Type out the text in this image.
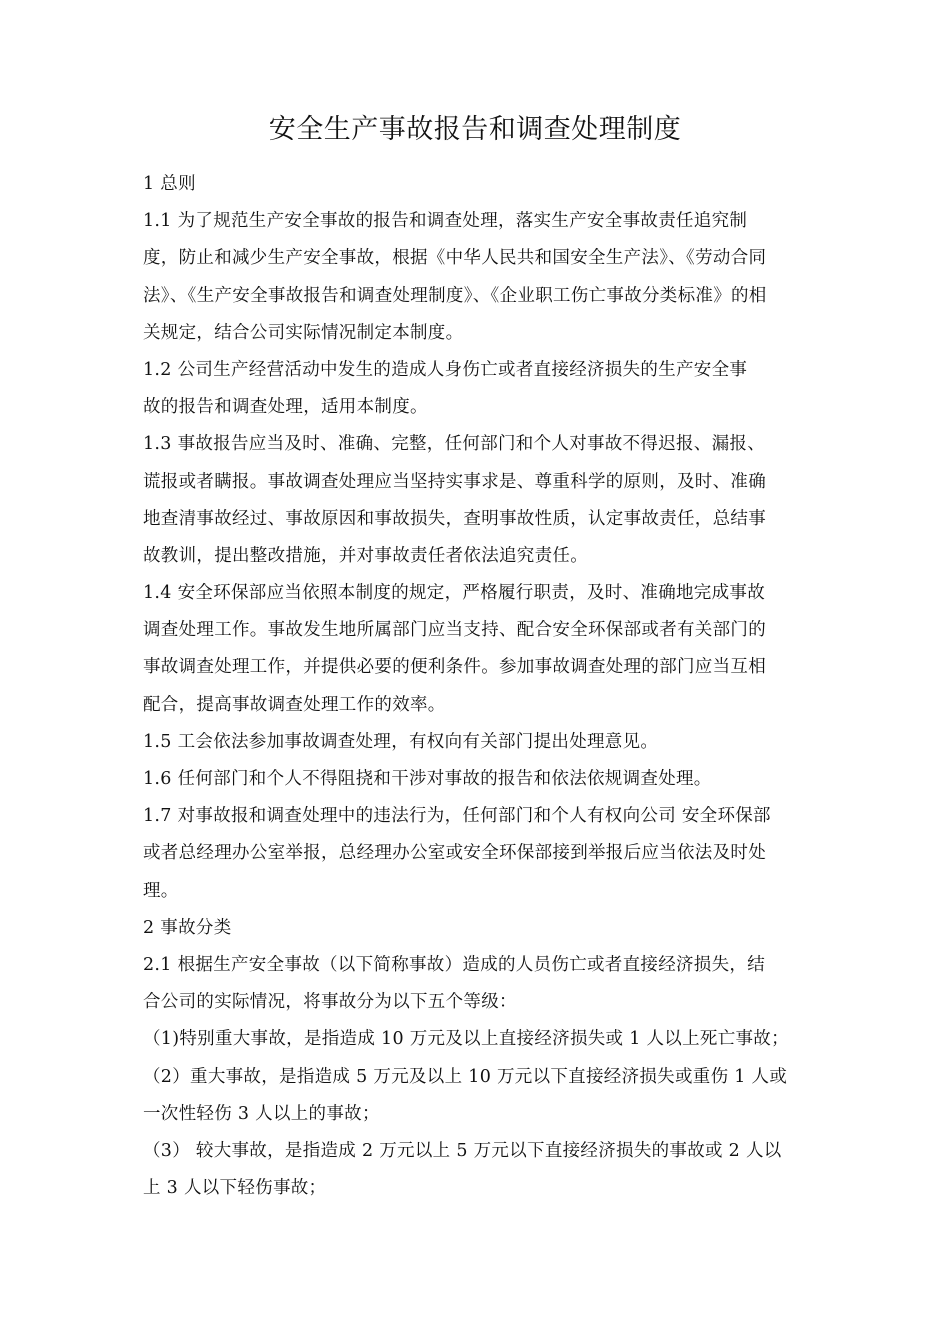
安全生产事故报告和调查处理制度
1 总则
1.1 为了规范生产安全事故的报告和调查处理，落实生产安全事故责任追究制
度，防止和减少生产安全事故，根据《中华人民共和国安全生产法》、《劳动合同
法》、《生产安全事故报告和调查处理制度》、《企业职工伤亡事故分类标准》的相
关规定，结合公司实际情况制定本制度。
1.2 公司生产经营活动中发生的造成人身伤亡或者直接经济损失的生产安全事
故的报告和调查处理，适用本制度。
1.3 事故报告应当及时、准确、完整，任何部门和个人对事故不得迟报、漏报、
谎报或者瞒报。事故调查处理应当坚持实事求是、尊重科学的原则，及时、准确
地查清事故经过、事故原因和事故损失，查明事故性质，认定事故责任，总结事
故教训，提出整改措施，并对事故责任者依法追究责任。
1.4 安全环保部应当依照本制度的规定，严格履行职责，及时、准确地完成事故
调查处理工作。事故发生地所属部门应当支持、配合安全环保部或者有关部门的
事故调查处理工作，并提供必要的便利条件。参加事故调查处理的部门应当互相
配合，提高事故调查处理工作的效率。
1.5 工会依法参加事故调查处理，有权向有关部门提出处理意见。
1.6 任何部门和个人不得阻挠和干涉对事故的报告和依法依规调查处理。
1.7 对事故报和调查处理中的违法行为，任何部门和个人有权向公司 安全环保部
或者总经理办公室举报，总经理办公室或安全环保部接到举报后应当依法及时处
理。
2 事故分类
2.1 根据生产安全事故（以下简称事故）造成的人员伤亡或者直接经济损失，结
合公司的实际情况，将事故分为以下五个等级：
（1)特别重大事故，是指造成 10 万元及以上直接经济损失或 1 人以上死亡事故；
（2）重大事故，是指造成 5 万元及以上 10 万元以下直接经济损失或重伤 1 人或
一次性轻伤 3 人以上的事故；
（3） 较大事故，是指造成 2 万元以上 5 万元以下直接经济损失的事故或 2 人以
上 3 人以下轻伤事故；
